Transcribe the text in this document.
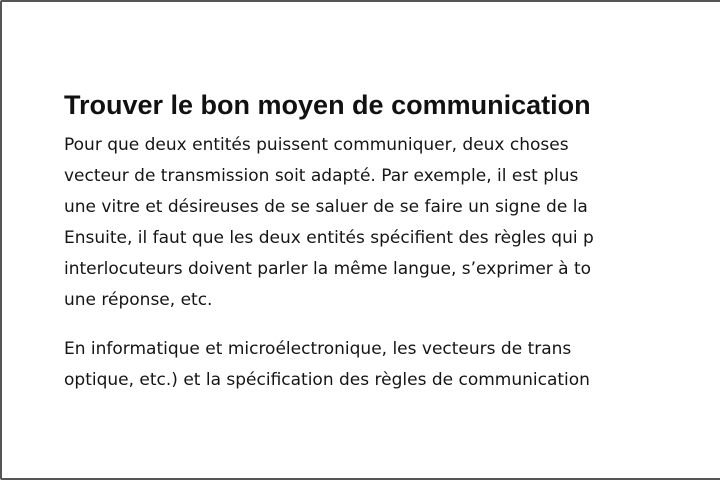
Trouver le bon moyen de communication

Pour que deux entités puissent communiquer, deux choses
vecteur de transmission soit adapté. Par exemple, il est plus
une vitre et désireuses de se saluer de se faire un signe de la
Ensuite, il faut que les deux entités spécifient des règles qui p
interlocuteurs doivent parler la même langue, s’exprimer à to
une réponse, etc.

En informatique et microélectronique, les vecteurs de trans
optique, etc.) et la spécification des règles de communication
